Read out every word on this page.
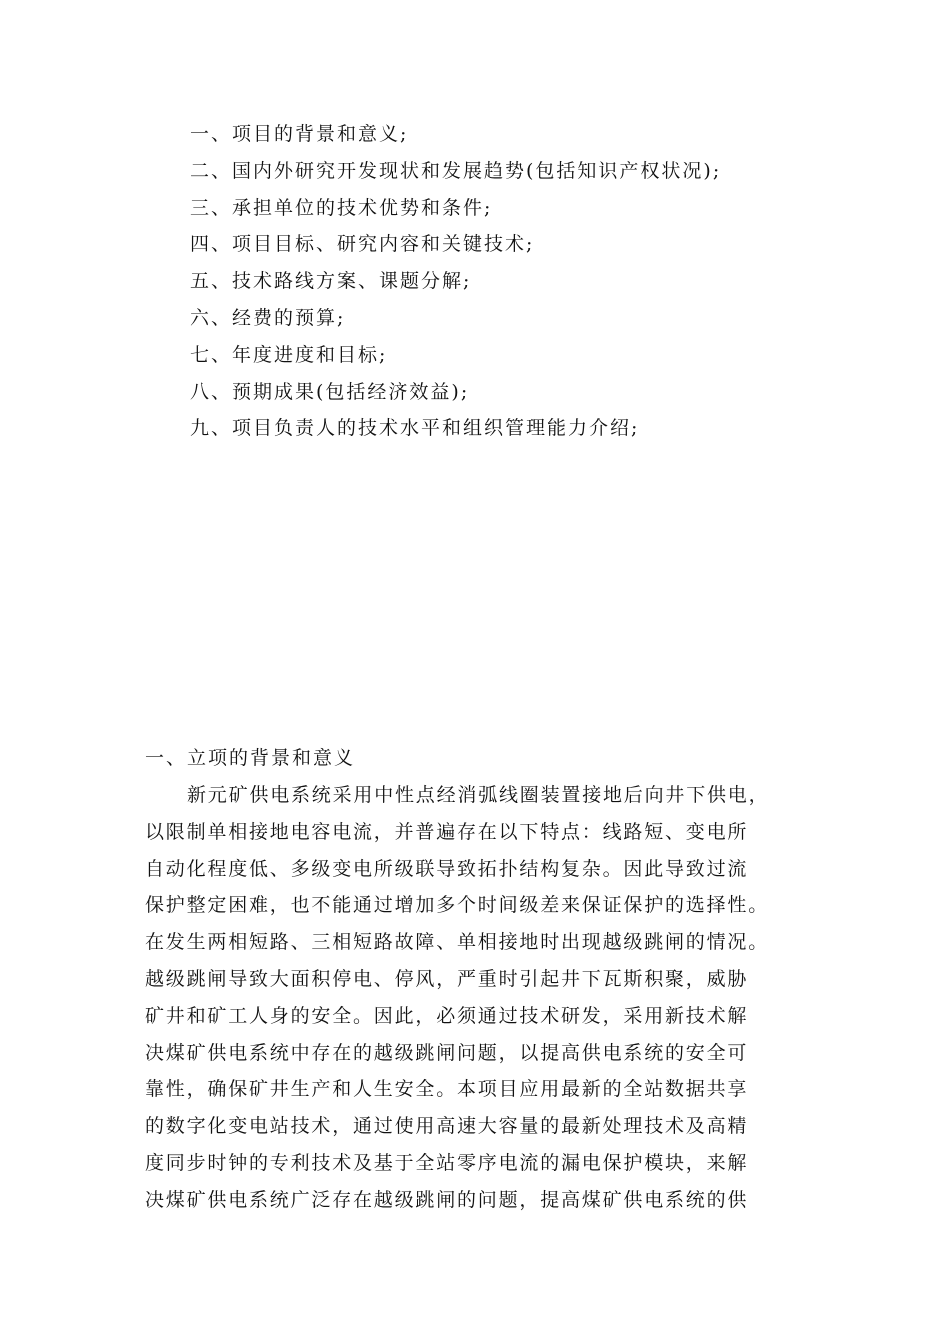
一、项目的背景和意义;
二、国内外研究开发现状和发展趋势(包括知识产权状况);
三、承担单位的技术优势和条件;
四、项目目标、研究内容和关键技术;
五、技术路线方案、课题分解;
六、经费的预算;
七、年度进度和目标;
八、预期成果(包括经济效益);
九、项目负责人的技术水平和组织管理能力介绍;
一、立项的背景和意义
新元矿供电系统采用中性点经消弧线圈装置接地后向井下供电，
以限制单相接地电容电流，并普遍存在以下特点：线路短、变电所
自动化程度低、多级变电所级联导致拓扑结构复杂。因此导致过流
保护整定困难，也不能通过增加多个时间级差来保证保护的选择性。
在发生两相短路、三相短路故障、单相接地时出现越级跳闸的情况。
越级跳闸导致大面积停电、停风，严重时引起井下瓦斯积聚，威胁
矿井和矿工人身的安全。因此，必须通过技术研发，采用新技术解
决煤矿供电系统中存在的越级跳闸问题，以提高供电系统的安全可
靠性，确保矿井生产和人生安全。本项目应用最新的全站数据共享
的数字化变电站技术，通过使用高速大容量的最新处理技术及高精
度同步时钟的专利技术及基于全站零序电流的漏电保护模块，来解
决煤矿供电系统广泛存在越级跳闸的问题，提高煤矿供电系统的供
